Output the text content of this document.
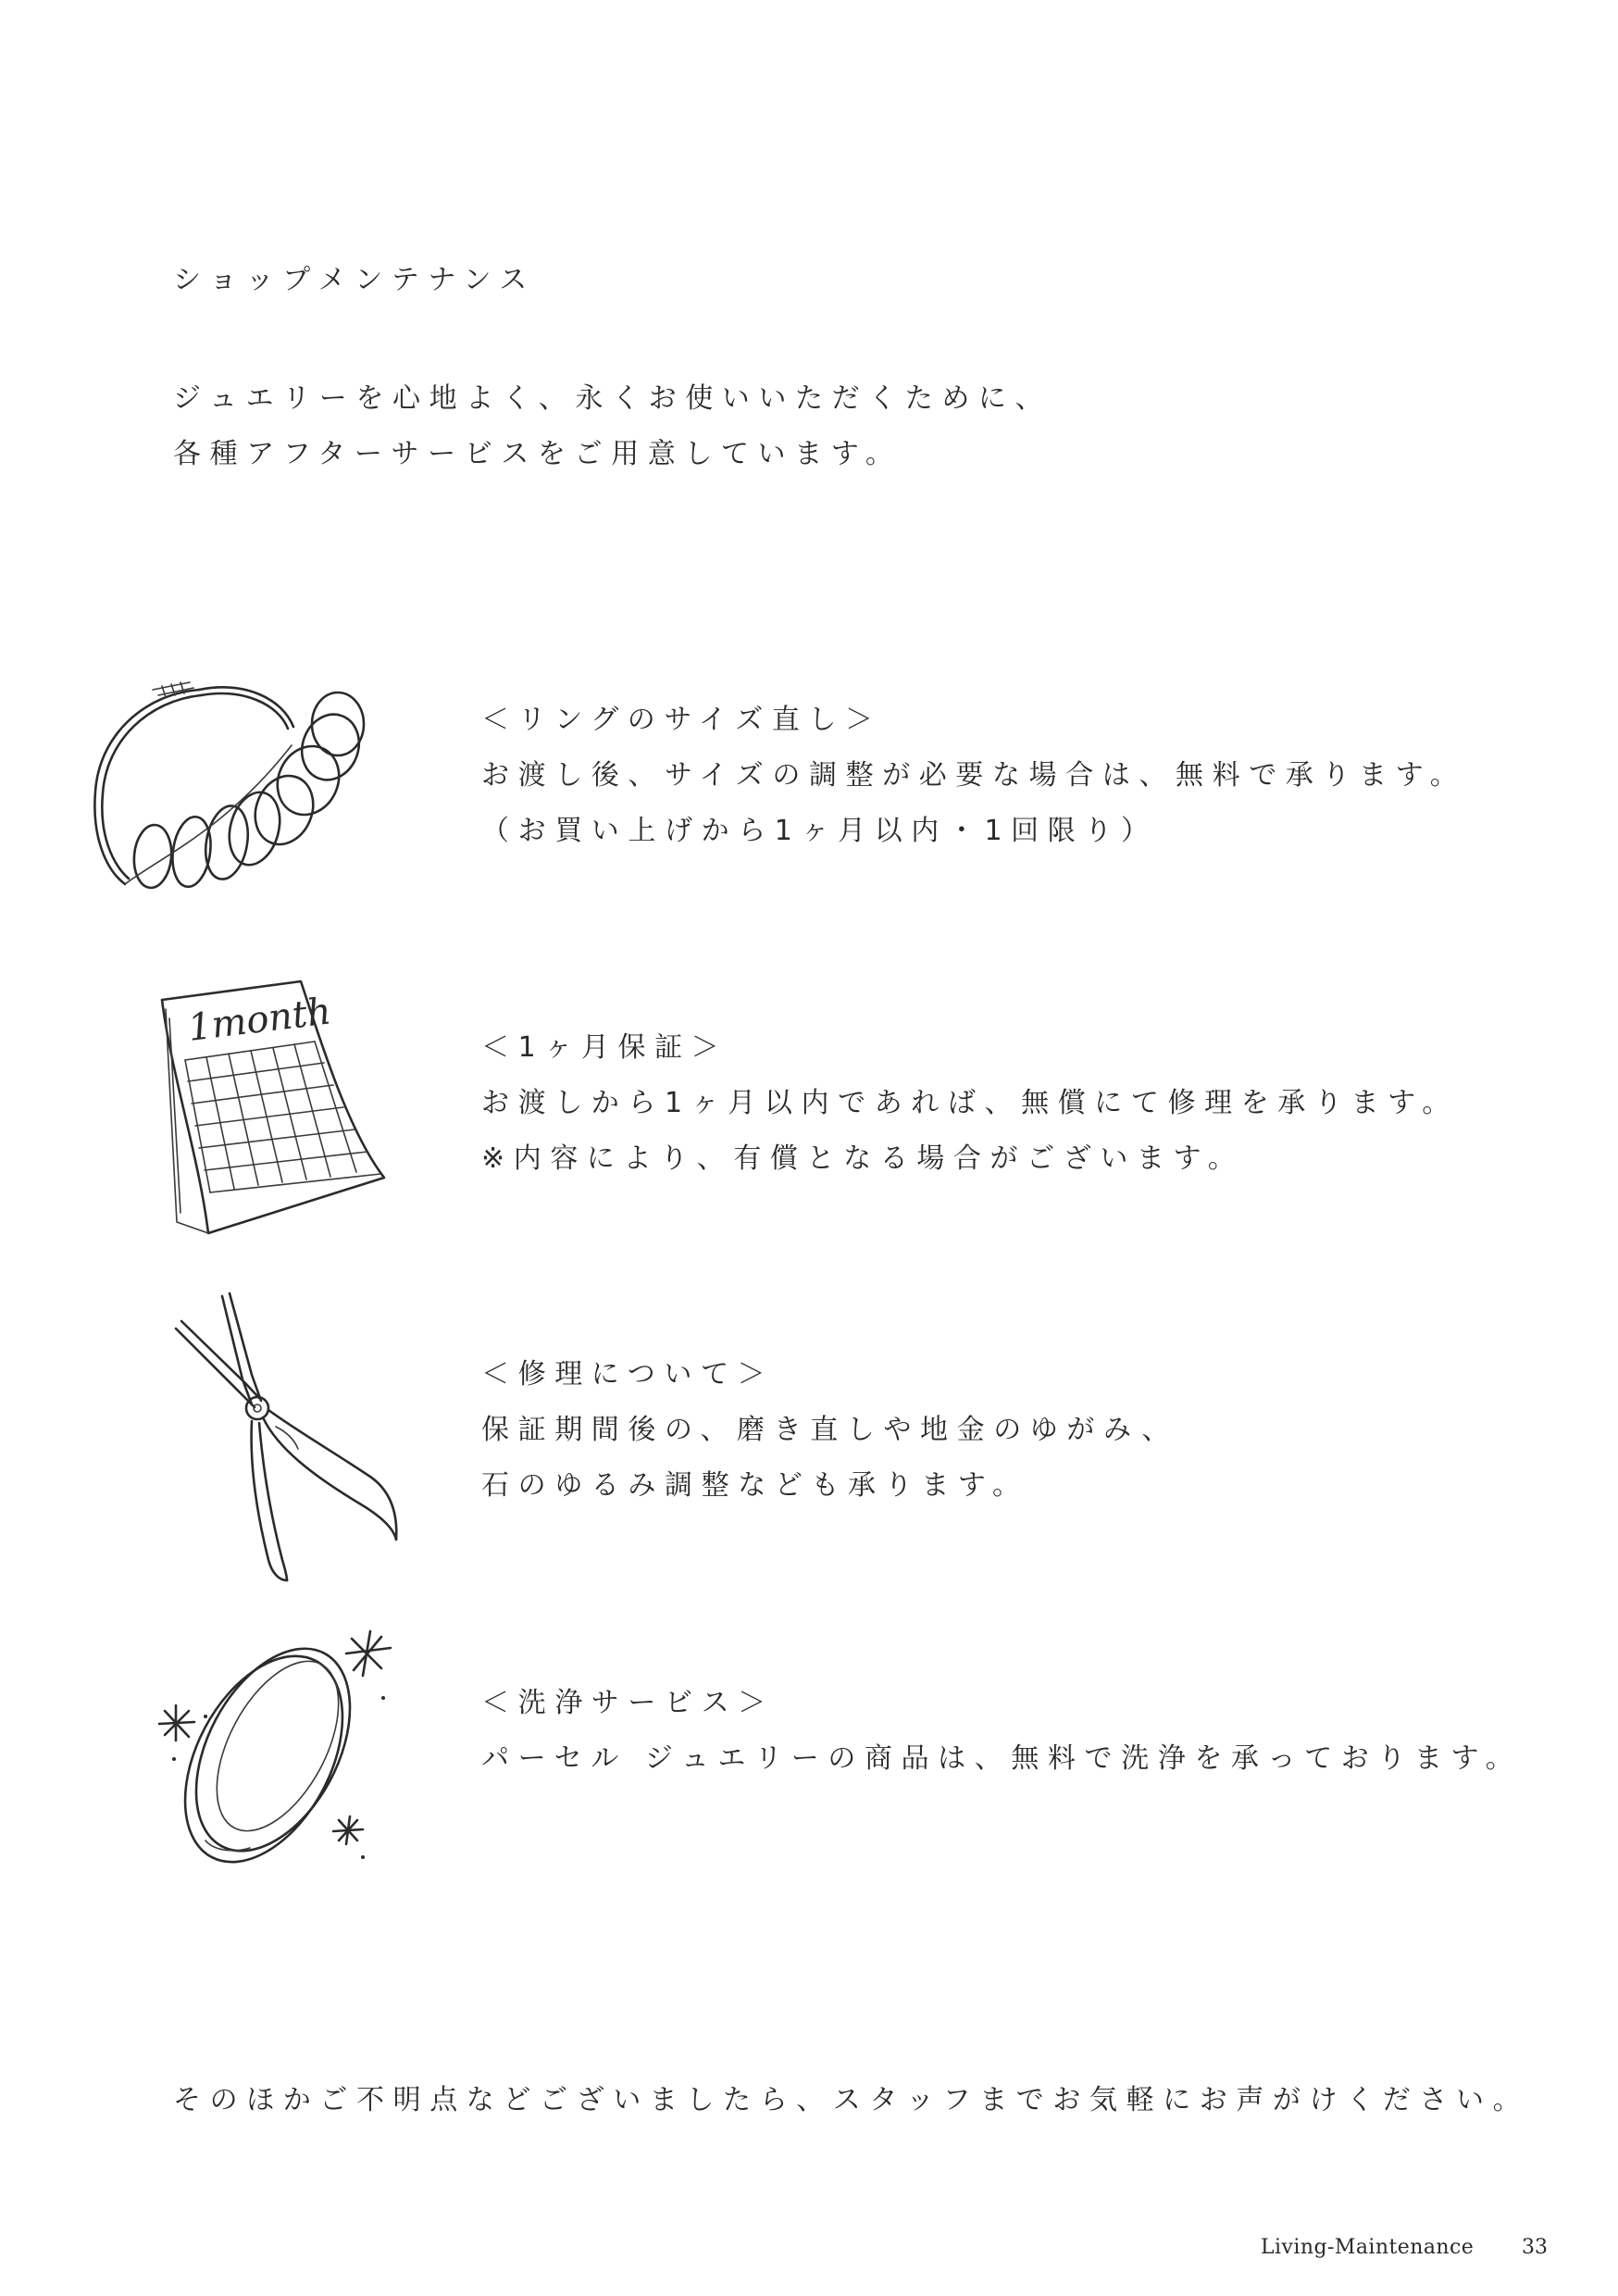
ショップメンテナンス
ジュエリーを心地よく、永くお使いいただくために、
各種アフターサービスをご用意しています。
＜リングのサイズ直し＞
お渡し後、サイズの調整が必要な場合は、無料で承ります。
（お買い上げから1ヶ月以内・1回限り）
1month	＜1ヶ月保証＞
お渡しから1ヶ月以内であれば、無償にて修理を承ります。
※内容により、有償となる場合がございます。
＜修理について＞
保証期間後の、磨き直しや地金のゆがみ、
石のゆるみ調整なども承ります。
＜洗浄サービス＞
パーセル ジュエリーの商品は、無料で洗浄を承っております。
そのほかご不明点などございましたら、スタッフまでお気軽にお声がけください。
Living-Maintenance 33
